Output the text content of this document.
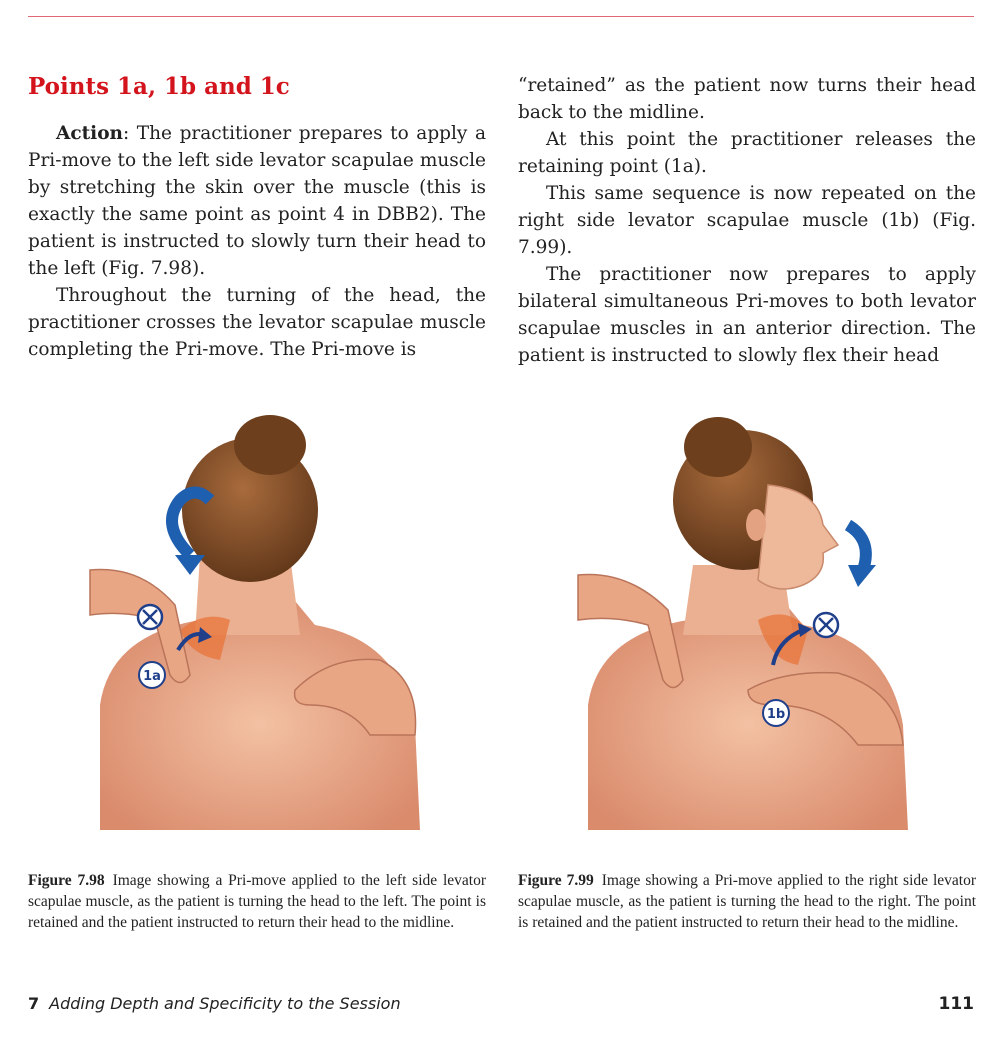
Points 1a, 1b and 1c

Action: The practitioner prepares to apply a Pri-move to the left side levator scapulae muscle by stretching the skin over the muscle (this is exactly the same point as point 4 in DBB2). The patient is instructed to slowly turn their head to the left (Fig. 7.98).

Throughout the turning of the head, the practitioner crosses the levator scapulae muscle completing the Pri-move. The Pri-move is

“retained” as the patient now turns their head back to the midline.

At this point the practitioner releases the retaining point (1a).

This same sequence is now repeated on the right side levator scapulae muscle (1b) (Fig. 7.99).

The practitioner now prepares to apply bilateral simultaneous Pri-moves to both levator scapulae muscles in an anterior direction. The patient is instructed to slowly flex their head

1a
1b
Figure 7.98 Image showing a Pri-move applied to the left side levator scapulae muscle, as the patient is turning the head to the left. The point is retained and the patient instructed to return their head to the midline.
Figure 7.99 Image showing a Pri-move applied to the right side levator scapulae muscle, as the patient is turning the head to the right. The point is retained and the patient instructed to return their head to the midline.
7 Adding Depth and Specificity to the Session	111
